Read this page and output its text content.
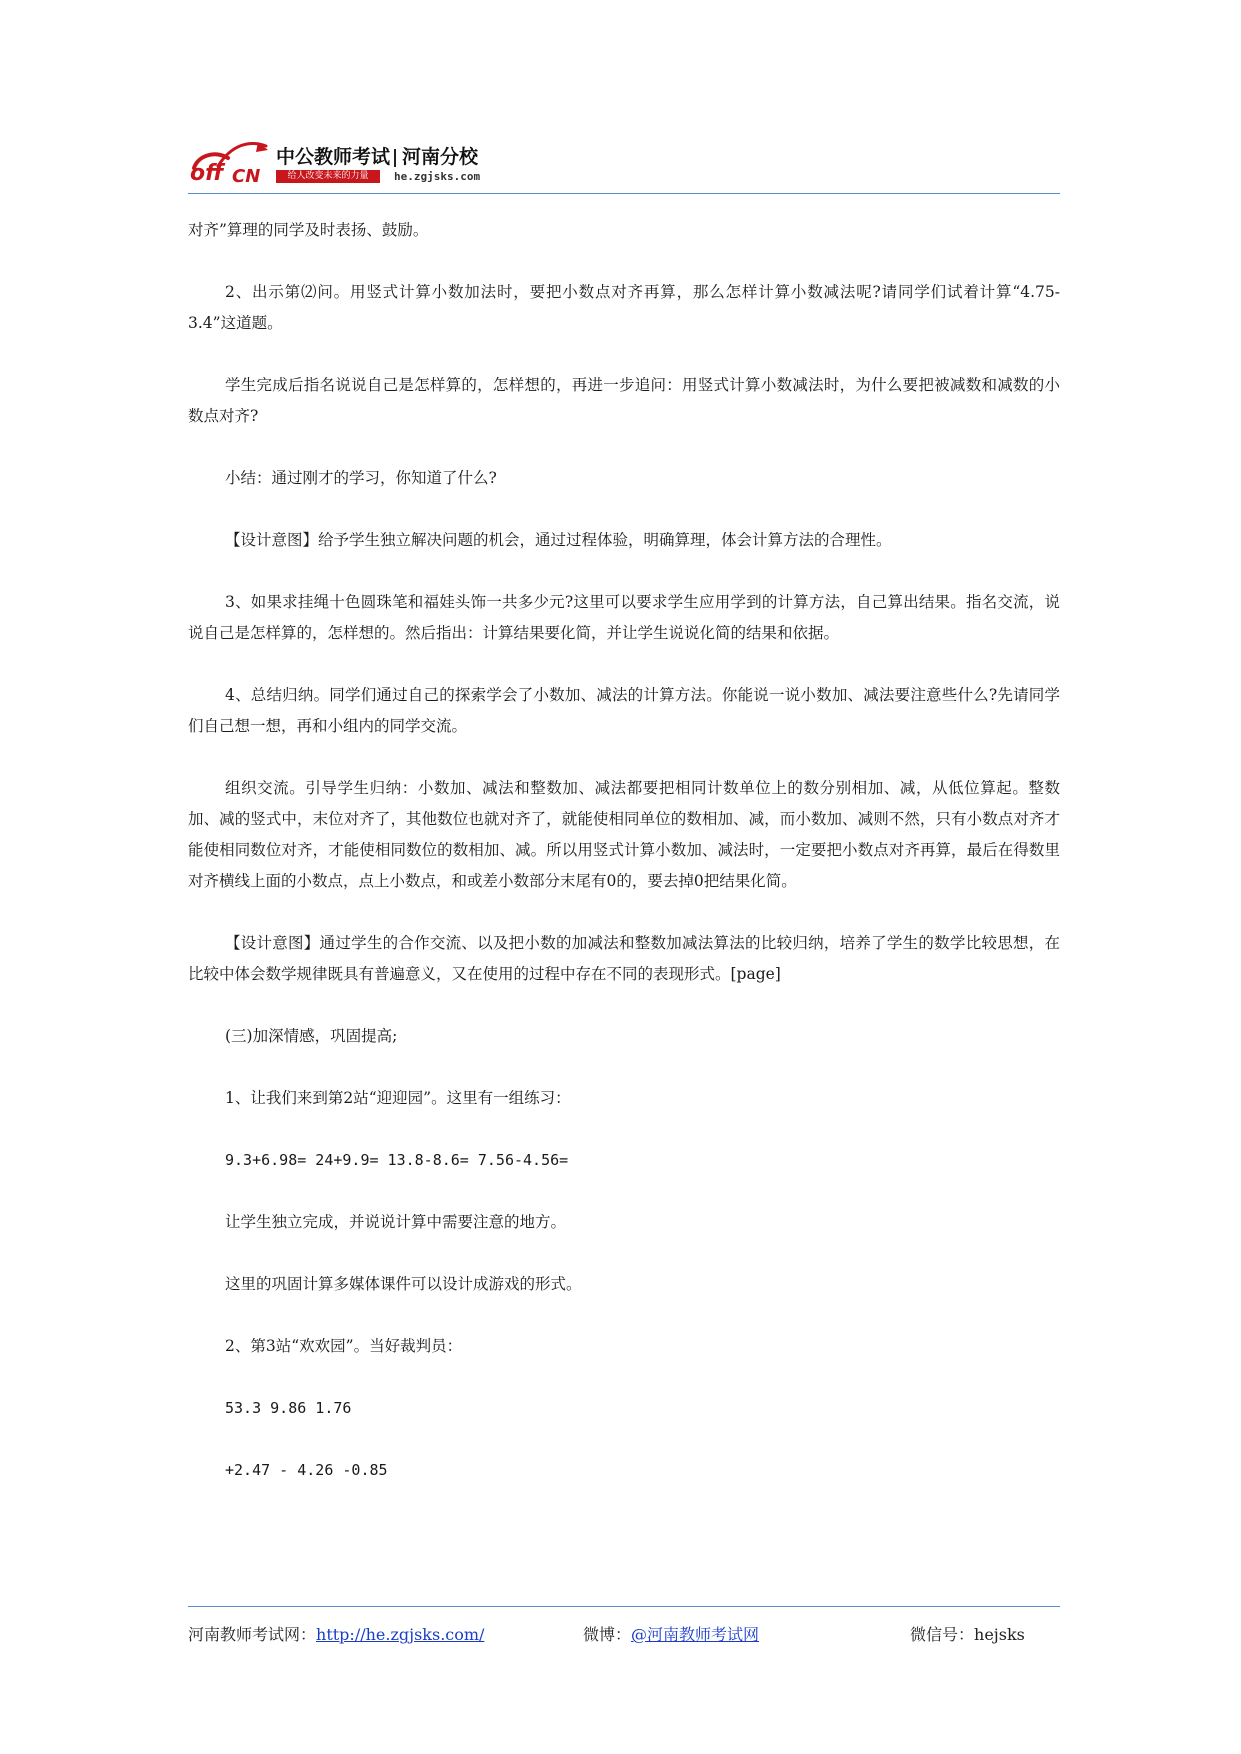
off CN
中公教师考试 河南分校
给人改变未来的力量	he.zgjsks.com

对齐”算理的同学及时表扬、鼓励。

2、出示第⑵问。用竖式计算小数加法时，要把小数点对齐再算，那么怎样计算小数减法呢?请同学们试着计算“4.75-3.4”这道题。

学生完成后指名说说自己是怎样算的，怎样想的，再进一步追问：用竖式计算小数减法时，为什么要把被减数和减数的小数点对齐?

小结：通过刚才的学习，你知道了什么?

【设计意图】给予学生独立解决问题的机会，通过过程体验，明确算理，体会计算方法的合理性。

3、如果求挂绳十色圆珠笔和福娃头饰一共多少元?这里可以要求学生应用学到的计算方法，自己算出结果。指名交流，说说自己是怎样算的，怎样想的。然后指出：计算结果要化简，并让学生说说化简的结果和依据。

4、总结归纳。同学们通过自己的探索学会了小数加、减法的计算方法。你能说一说小数加、减法要注意些什么?先请同学们自己想一想，再和小组内的同学交流。

组织交流。引导学生归纳：小数加、减法和整数加、减法都要把相同计数单位上的数分别相加、减，从低位算起。整数加、减的竖式中，末位对齐了，其他数位也就对齐了，就能使相同单位的数相加、减，而小数加、减则不然，只有小数点对齐才能使相同数位对齐，才能使相同数位的数相加、减。所以用竖式计算小数加、减法时，一定要把小数点对齐再算，最后在得数里对齐横线上面的小数点，点上小数点，和或差小数部分末尾有0的，要去掉0把结果化简。

【设计意图】通过学生的合作交流、以及把小数的加减法和整数加减法算法的比较归纳，培养了学生的数学比较思想，在比较中体会数学规律既具有普遍意义，又在使用的过程中存在不同的表现形式。[page]

(三)加深情感，巩固提高;

1、让我们来到第2站“迎迎园”。这里有一组练习：

9.3+6.98= 24+9.9= 13.8-8.6= 7.56-4.56=

让学生独立完成，并说说计算中需要注意的地方。

这里的巩固计算多媒体课件可以设计成游戏的形式。

2、第3站“欢欢园”。当好裁判员：

53.3 9.86 1.76

+2.47 - 4.26 -0.85

河南教师考试网：http://he.zgjsks.com/	微博：@河南教师考试网	微信号：hejsks
